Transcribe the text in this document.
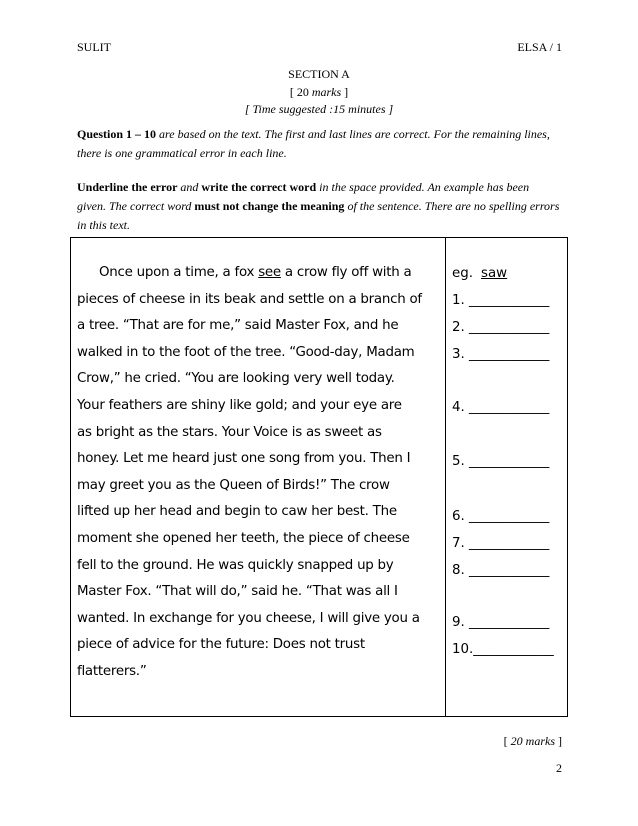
SULIT	ELSA / 1
SECTION A
[ 20 marks ]
[ Time suggested :15 minutes ]
Question 1 – 10 are based on the text. The first and last lines are correct. For the remaining lines, there is one grammatical error in each line.
Underline the error and write the correct word in the space provided. An example has been given. The correct word must not change the meaning of the sentence. There are no spelling errors in this text.
Once upon a time, a fox see a crow fly off with a
pieces of cheese in its beak and settle on a branch of
a tree. “That are for me,” said Master Fox, and he
walked in to the foot of the tree. “Good-day, Madam
Crow,” he cried. “You are looking very well today.
Your feathers are shiny like gold; and your eye are
as bright as the stars. Your Voice is as sweet as
honey. Let me heard just one song from you. Then I
may greet you as the Queen of Birds!” The crow
lifted up her head and begin to caw her best. The
moment she opened her teeth, the piece of cheese
fell to the ground. He was quickly snapped up by
Master Fox. “That will do,” said he. “That was all I
wanted. In exchange for you cheese, I will give you a
piece of advice for the future: Does not trust
flatterers.”
eg. saw
1. ____________
2. ____________
3. ____________
4. ____________
5. ____________
6. ____________
7. ____________
8. ____________
9. ____________
10.____________
[ 20 marks ]
2
